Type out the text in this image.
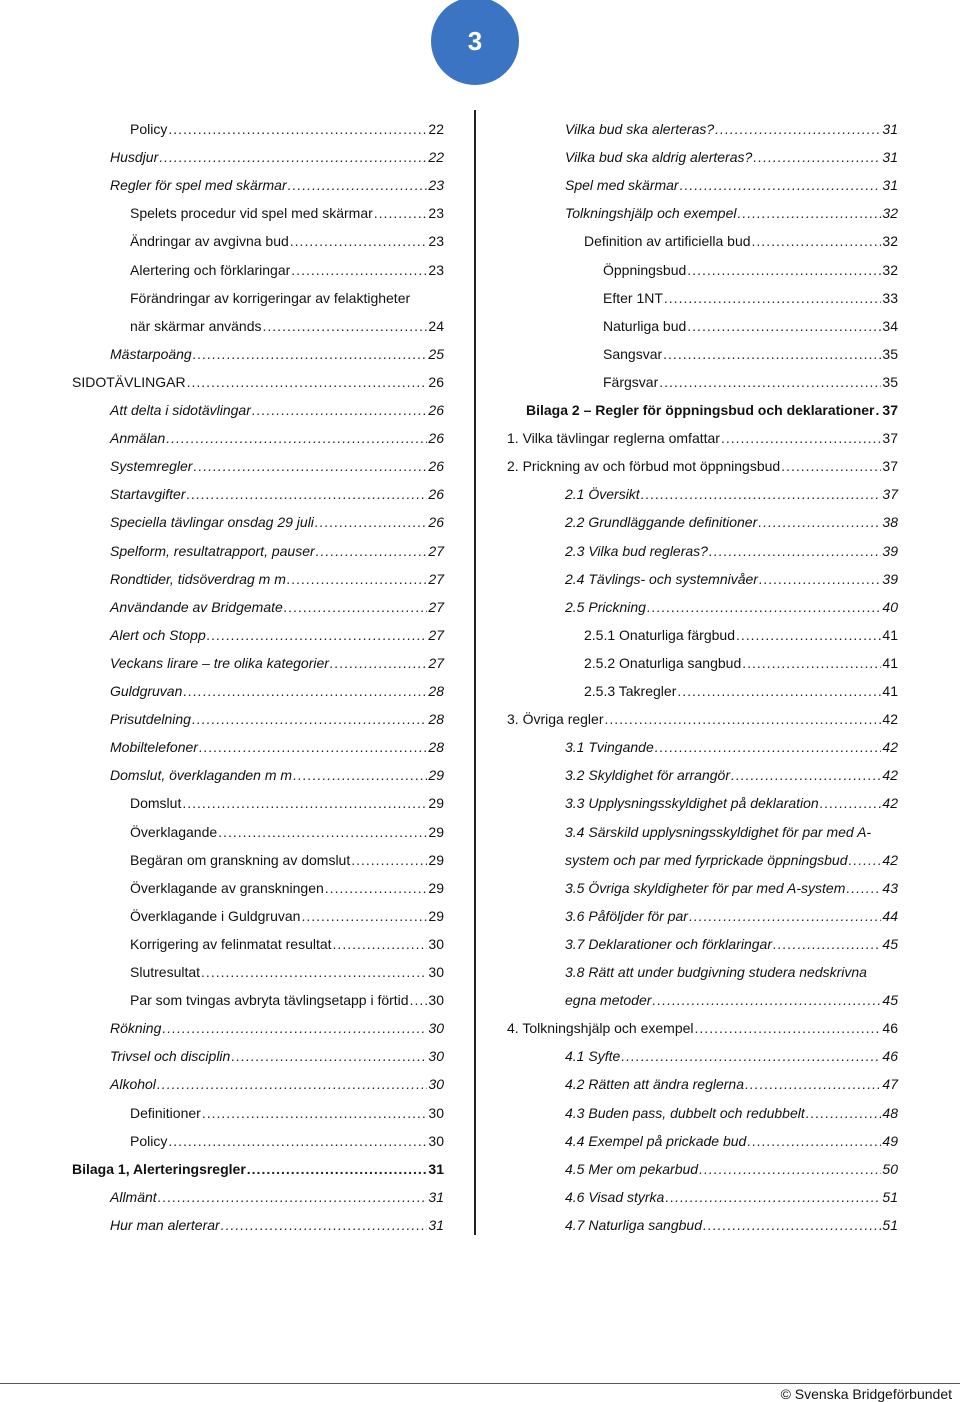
3
Policy .....	22
Husdjur .....	22
Regler för spel med skärmar .....	23
Spelets procedur vid spel med skärmar .....	23
Ändringar av avgivna bud .....	23
Alertering och förklaringar .....	23
Förändringar av korrigeringar av felaktigheter
när skärmar används .....	24
Mästarpoäng .....	25
SIDOTÄVLINGAR .....	26
Att delta i sidotävlingar .....	26
Anmälan .....	26
Systemregler .....	26
Startavgifter .....	26
Speciella tävlingar onsdag 29 juli .....	26
Spelform, resultatrapport, pauser .....	27
Rondtider, tidsöverdrag m m .....	27
Användande av Bridgemate .....	27
Alert och Stopp .....	27
Veckans lirare – tre olika kategorier .....	27
Guldgruvan .....	28
Prisutdelning .....	28
Mobiltelefoner .....	28
Domslut, överklaganden m m .....	29
Domslut .....	29
Överklagande .....	29
Begäran om granskning av domslut .....	29
Överklagande av granskningen .....	29
Överklagande i Guldgruvan .....	29
Korrigering av felinmatat resultat .....	30
Slutresultat .....	30
Par som tvingas avbryta tävlingsetapp i förtid ..... 30
Rökning .....	30
Trivsel och disciplin .....	30
Alkohol .....	30
Definitioner .....	30
Policy .....	30
Bilaga 1, Alerteringsregler .....	31
Allmänt .....	31
Hur man alerterar .....	31
Vilka bud ska alerteras? .....	31
Vilka bud ska aldrig alerteras? .....	31
Spel med skärmar .....	31
Tolkningshjälp och exempel .....	32
Definition av artificiella bud .....	32
Öppningsbud .....	32
Efter 1NT .....	33
Naturliga bud .....	34
Sangsvar .....	35
Färgsvar .....	35
Bilaga 2 – Regler för öppningsbud och deklarationer ..... 37
1. Vilka tävlingar reglerna omfattar .....	37
2. Prickning av och förbud mot öppningsbud .....	37
2.1 Översikt .....	37
2.2 Grundläggande definitioner .....	38
2.3 Vilka bud regleras? .....	39
2.4 Tävlings- och systemnivåer .....	39
2.5 Prickning .....	40
2.5.1 Onaturliga färgbud .....	41
2.5.2 Onaturliga sangbud .....	41
2.5.3 Takregler .....	41
3. Övriga regler .....	42
3.1 Tvingande .....	42
3.2 Skyldighet för arrangör .....	42
3.3 Upplysningsskyldighet på deklaration .....	42
3.4 Särskild upplysningsskyldighet för par med A-
system och par med fyrprickade öppningsbud ..... 42
3.5 Övriga skyldigheter för par med A-system .....	43
3.6 Påföljder för par .....	44
3.7 Deklarationer och förklaringar .....	45
3.8 Rätt att under budgivning studera nedskrivna
egna metoder .....	45
4. Tolkningshjälp och exempel .....	46
4.1 Syfte .....	46
4.2 Rätten att ändra reglerna .....	47
4.3 Buden pass, dubbelt och redubbelt .....	48
4.4 Exempel på prickade bud .....	49
4.5 Mer om pekarbud .....	50
4.6 Visad styrka .....	51
4.7 Naturliga sangbud .....	51
© Svenska Bridgeförbundet
